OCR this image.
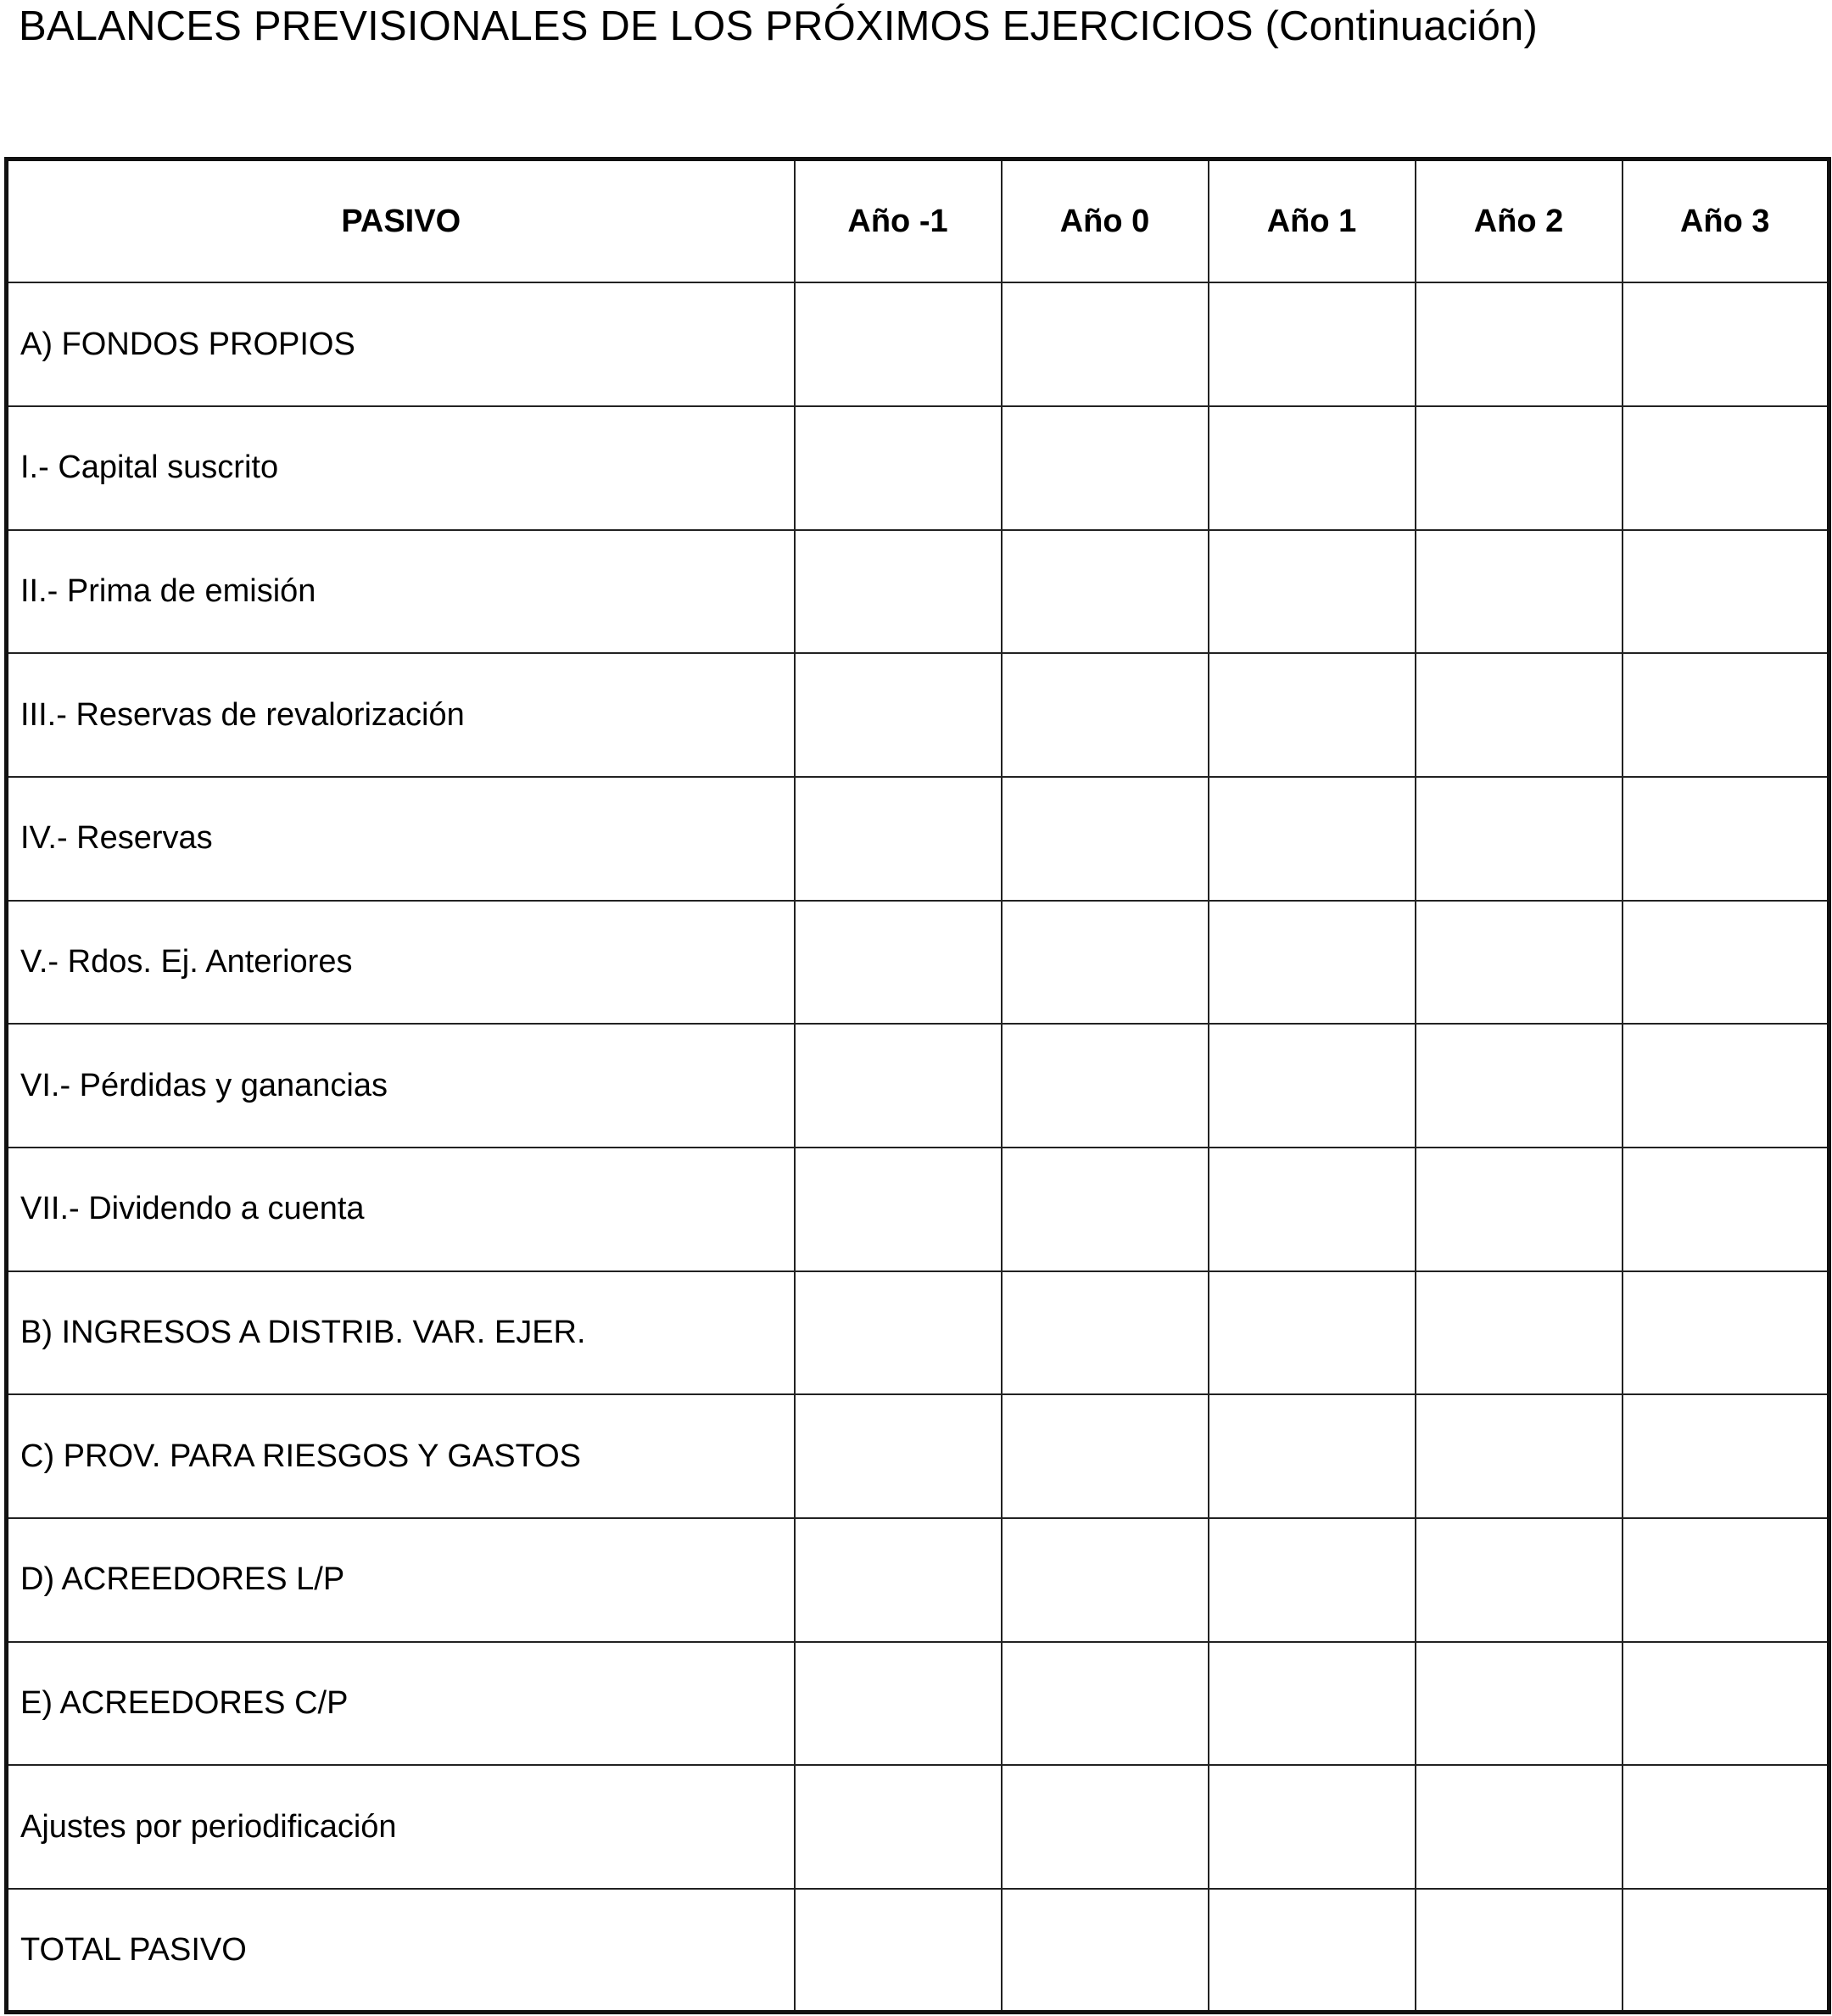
BALANCES PREVISIONALES DE LOS PRÓXIMOS EJERCICIOS (Continuación)
PASIVO	Año -1	Año 0	Año 1	Año 2	Año 3
A) FONDOS PROPIOS					
I.- Capital suscrito					
II.- Prima de emisión					
III.- Reservas de revalorización					
IV.- Reservas					
V.- Rdos. Ej. Anteriores					
VI.- Pérdidas y ganancias					
VII.- Dividendo a cuenta					
B) INGRESOS A DISTRIB. VAR. EJER.					
C) PROV. PARA RIESGOS Y GASTOS					
D) ACREEDORES L/P					
E) ACREEDORES C/P					
Ajustes por periodificación					
TOTAL PASIVO					
